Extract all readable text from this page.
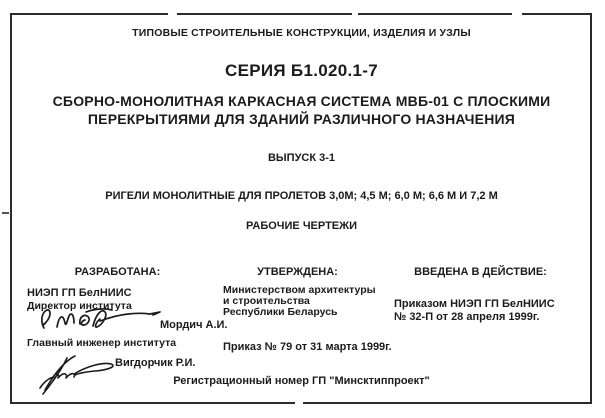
ТИПОВЫЕ СТРОИТЕЛЬНЫЕ КОНСТРУКЦИИ, ИЗДЕЛИЯ И УЗЛЫ
СЕРИЯ Б1.020.1-7
СБОРНО-МОНОЛИТНАЯ КАРКАСНАЯ СИСТЕМА МВБ-01 С ПЛОСКИМИ
ПЕРЕКРЫТИЯМИ ДЛЯ ЗДАНИЙ РАЗЛИЧНОГО НАЗНАЧЕНИЯ
ВЫПУСК 3-1
РИГЕЛИ МОНОЛИТНЫЕ ДЛЯ ПРОЛЕТОВ 3,0М; 4,5 М; 6,0 М; 6,6 М И 7,2 М
РАБОЧИЕ ЧЕРТЕЖИ
РАЗРАБОТАНА:	УТВЕРЖДЕНА:	ВВЕДЕНА В ДЕЙСТВИЕ:
НИЭП ГП БелНИИС
Директор института
Мордич А.И.
Главный инженер института
Вигдорчик Р.И.
Министерством архитектуры
и строительства
Республики Беларусь
Приказ № 79 от 31 марта 1999г.
Приказом НИЭП ГП БелНИИС
№ 32-П от 28 апреля 1999г.
Регистрационный номер ГП "Минсктиппроект"
